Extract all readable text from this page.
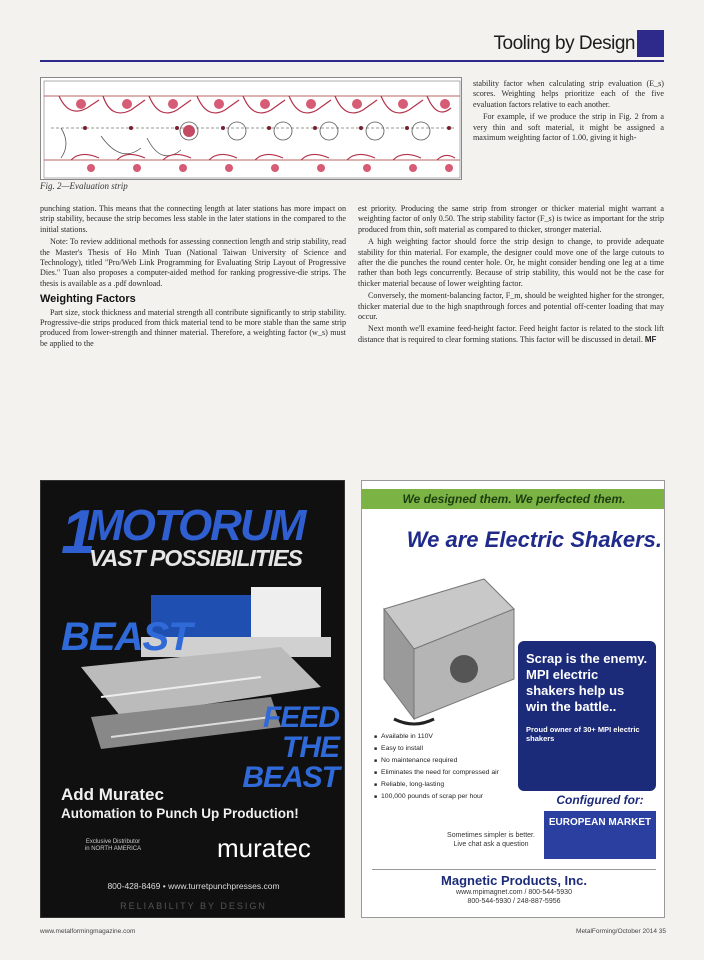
Tooling by Design
Fig. 2—Evaluation strip

stability factor when calculating strip evaluation (E_s) scores. Weighting helps prioritize each of the five evaluation factors relative to each another.

For example, if we produce the strip in Fig. 2 from a very thin and soft material, it might be assigned a maximum weighting factor of 1.00, giving it high-

punching station. This means that the connecting length at later stations has more impact on strip stability, because the strip becomes less stable in the later stations in the compared to the initial stations.

Note: To review additional methods for assessing connection length and strip stability, read the Master's Thesis of Ho Minh Tuan (National Taiwan University of Science and Technology), titled "Pro/Web Link Programming for Evaluating Strip Layout of Progressive Dies." Tuan also proposes a computer-aided method for ranking progressive-die strips. The thesis is available as a .pdf download.

Weighting Factors

Part size, stock thickness and material strength all contribute significantly to strip stability. Progressive-die strips produced from thick material tend to be more stable than the same strip produced from lower-strength and thinner material. Therefore, a weighting factor (w_s) must be applied to the

est priority. Producing the same strip from stronger or thicker material might warrant a weighting factor of only 0.50. The strip stability factor (F_s) is twice as important for the strip produced from thin, soft material as compared to thicker, stronger material.

A high weighting factor should force the strip design to change, to provide adequate stability for thin material. For example, the designer could move one of the large cutouts to after the die punches the round center hole. Or, he might consider bending one leg at a time rather than both legs concurrently. Because of strip stability, this would not be the case for thicker material because of lower weighting factor.

Conversely, the moment-balancing factor, F_m, should be weighted higher for the stronger, thicker material due to the high snapthrough forces and potential off-center loading that may occur.

Next month we'll examine feed-height factor. Feed height factor is related to the stock lift distance that is required to clear forming stations. This factor will be discussed in detail. MF

1
MOTORUM
VAST POSSIBILITIES
BEAST
FEED THE
BEAST
Add Muratec
Automation to Punch Up Production!
Exclusive Distributor in NORTH AMERICA	muratec
800-428-8469 • www.turretpunchpresses.com
RELIABILITY BY DESIGN
We designed them. We perfected them.
We are Electric Shakers.
Scrap is the enemy. MPI electric shakers help us win the battle..
Proud owner of 30+ MPI electric shakers
■ Available in 110V
■ Easy to install
■ No maintenance required
■ Eliminates the need for compressed air
■ Reliable, long-lasting
■ 100,000 pounds of scrap per hour	Configured for:
EUROPEAN MARKET
Sometimes simpler is better. Live chat ask a question
Magnetic Products, Inc.
www.mpimagnet.com / 800-544-5930
800-544-5930 / 248-887-5956
www.metalformingmagazine.com	MetalForming/October 2014 35
